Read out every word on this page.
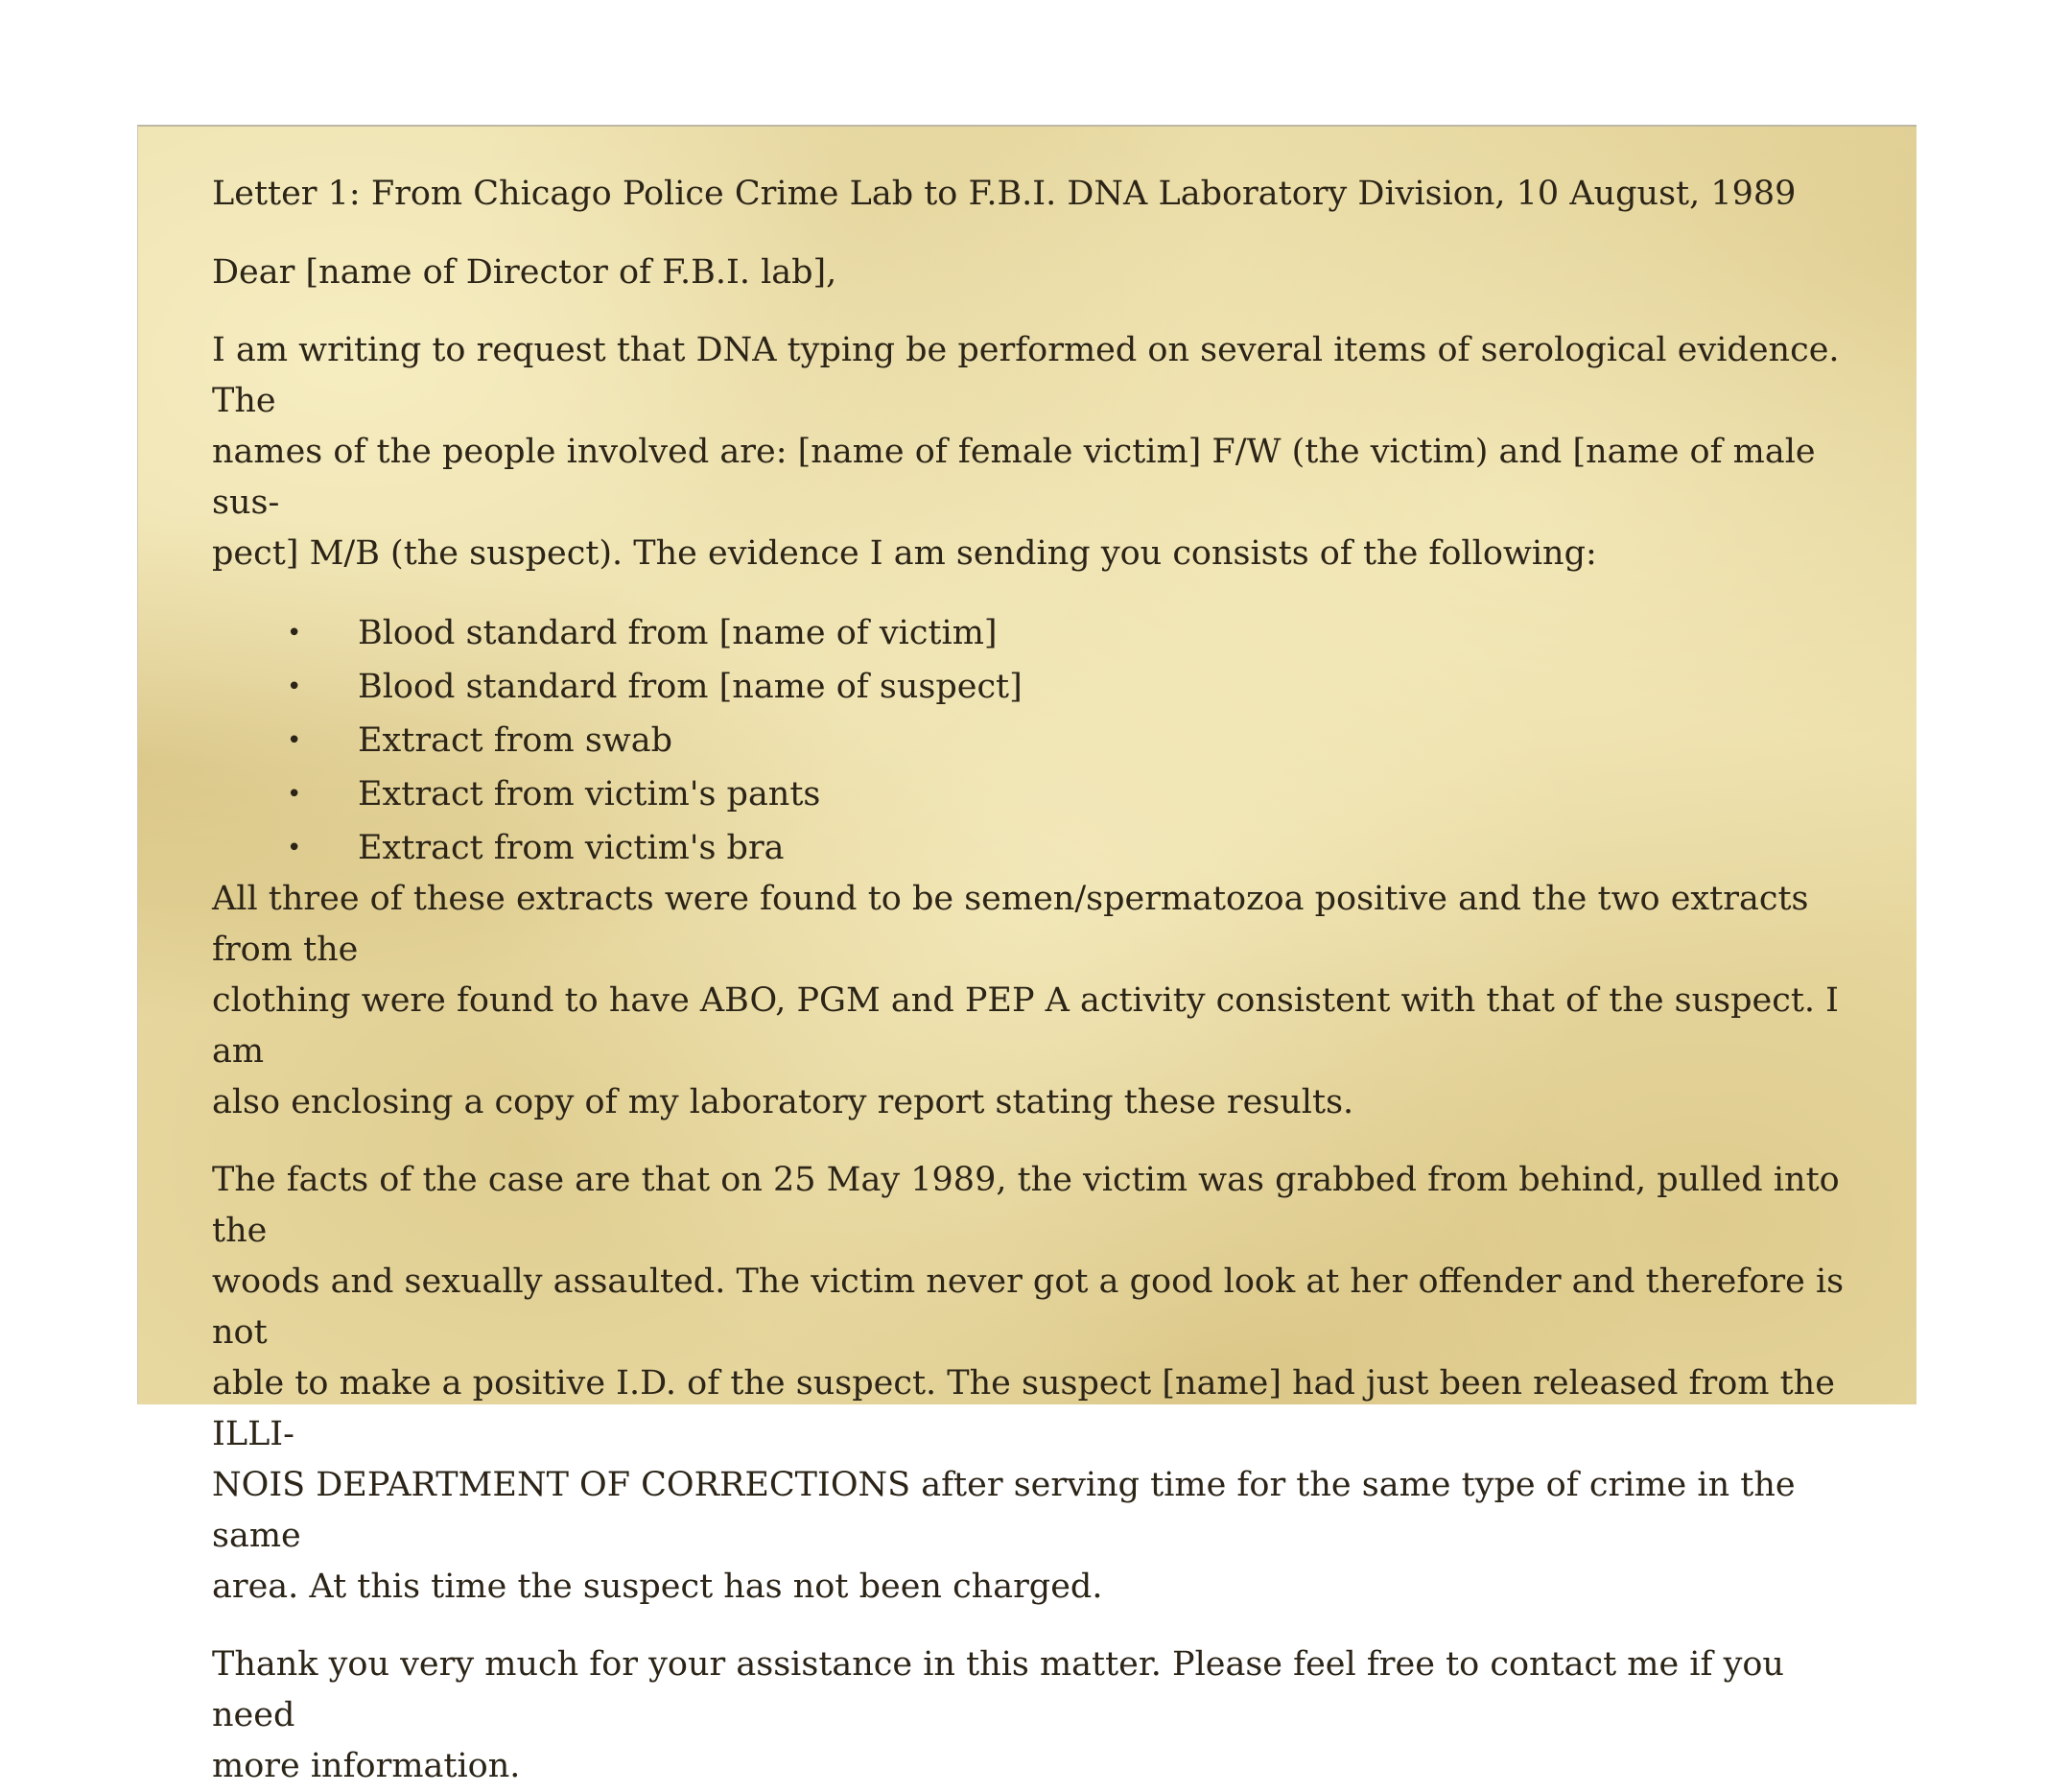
Letter 1: From Chicago Police Crime Lab to F.B.I. DNA Laboratory Division, 10 August, 1989

Dear [name of Director of F.B.I. lab],

I am writing to request that DNA typing be performed on several items of serological evidence. The
names of the people involved are: [name of female victim] F/W (the victim) and [name of male sus-
pect] M/B (the suspect). The evidence I am sending you consists of the following:

• Blood standard from [name of victim]
• Blood standard from [name of suspect]
• Extract from swab
• Extract from victim's pants
• Extract from victim's bra

All three of these extracts were found to be semen/spermatozoa positive and the two extracts from the
clothing were found to have ABO, PGM and PEP A activity consistent with that of the suspect. I am
also enclosing a copy of my laboratory report stating these results.

The facts of the case are that on 25 May 1989, the victim was grabbed from behind, pulled into the
woods and sexually assaulted. The victim never got a good look at her offender and therefore is not
able to make a positive I.D. of the suspect. The suspect [name] had just been released from the ILLI-
NOIS DEPARTMENT OF CORRECTIONS after serving time for the same type of crime in the same
area. At this time the suspect has not been charged.

Thank you very much for your assistance in this matter. Please feel free to contact me if you need
more information.
